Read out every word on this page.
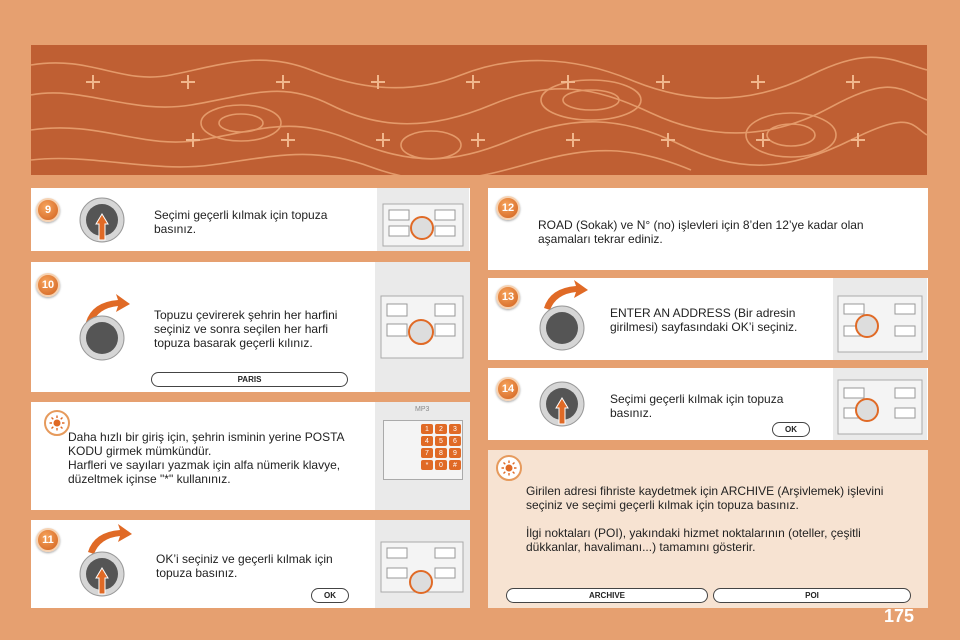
9	Seçimi geçerli kılmak için topuza basınız.
10
Topuzu çevirerek şehrin her harfini seçiniz ve sonra seçilen her harfi topuza basarak geçerli kılınız.
PARIS
Daha hızlı bir giriş için, şehrin isminin yerine POSTA KODU girmek mümkündür.
Harfleri ve sayıları yazmak için alfa nümerik klavye, düzeltmek içinse "*" kullanınız.
MP3
1	2	3
4	5	6
7	8	9
*	0	#
11
OK’i seçiniz ve geçerli kılmak için topuza basınız.
OK
12
ROAD (Sokak) ve N° (no) işlevleri için 8’den 12’ye kadar olan aşamaları tekrar ediniz.
13
ENTER AN ADDRESS (Bir adresin girilmesi) sayfasındaki OK’i seçiniz.
14
Seçimi geçerli kılmak için topuza basınız.
OK
Girilen adresi fihriste kaydetmek için ARCHIVE (Arşivlemek) işlevini seçiniz ve seçimi geçerli kılmak için topuza basınız.
İlgi noktaları (POI), yakındaki hizmet noktalarının (oteller, çeşitli dükkanlar, havalimanı...) tamamını gösterir.
ARCHIVE	POI
175
